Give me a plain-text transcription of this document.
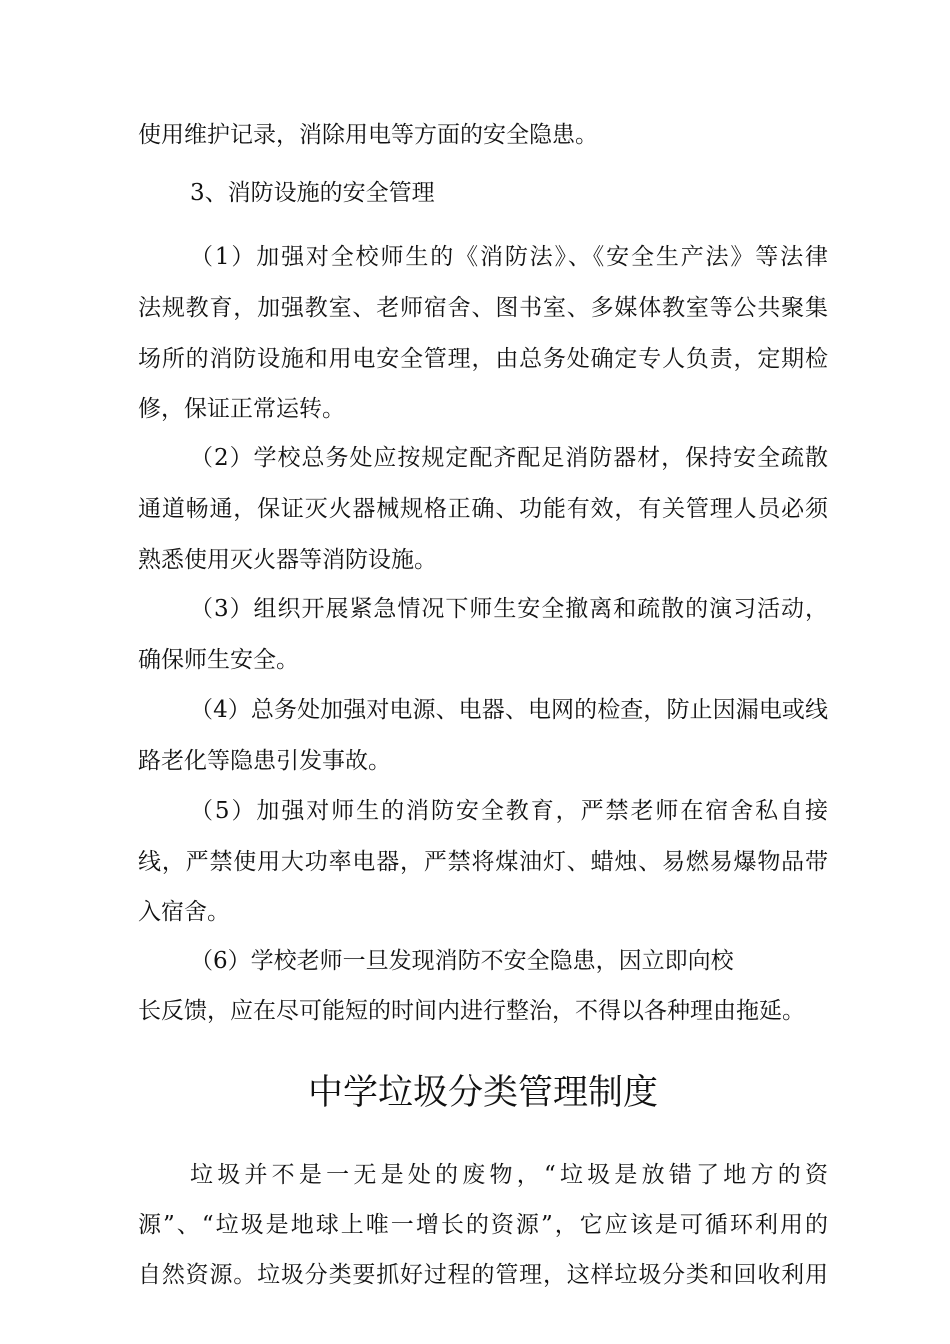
使用维护记录，消除用电等方面的安全隐患。
3、消防设施的安全管理
（1）加强对全校师生的《消防法》、《安全生产法》等法律
法规教育，加强教室、老师宿舍、图书室、多媒体教室等公共聚集
场所的消防设施和用电安全管理，由总务处确定专人负责，定期检
修，保证正常运转。
（2）学校总务处应按规定配齐配足消防器材，保持安全疏散
通道畅通，保证灭火器械规格正确、功能有效，有关管理人员必须
熟悉使用灭火器等消防设施。
（3）组织开展紧急情况下师生安全撤离和疏散的演习活动，
确保师生安全。
（4）总务处加强对电源、电器、电网的检查，防止因漏电或线
路老化等隐患引发事故。
（5）加强对师生的消防安全教育，严禁老师在宿舍私自接
线，严禁使用大功率电器，严禁将煤油灯、蜡烛、易燃易爆物品带
入宿舍。
（6）学校老师一旦发现消防不安全隐患，因立即向校
长反馈，应在尽可能短的时间内进行整治，不得以各种理由拖延。
中学垃圾分类管理制度
垃圾并不是一无是处的废物，“垃圾是放错了地方的资
源”、“垃圾是地球上唯一增长的资源”，它应该是可循环利用的
自然资源。垃圾分类要抓好过程的管理，这样垃圾分类和回收利用
